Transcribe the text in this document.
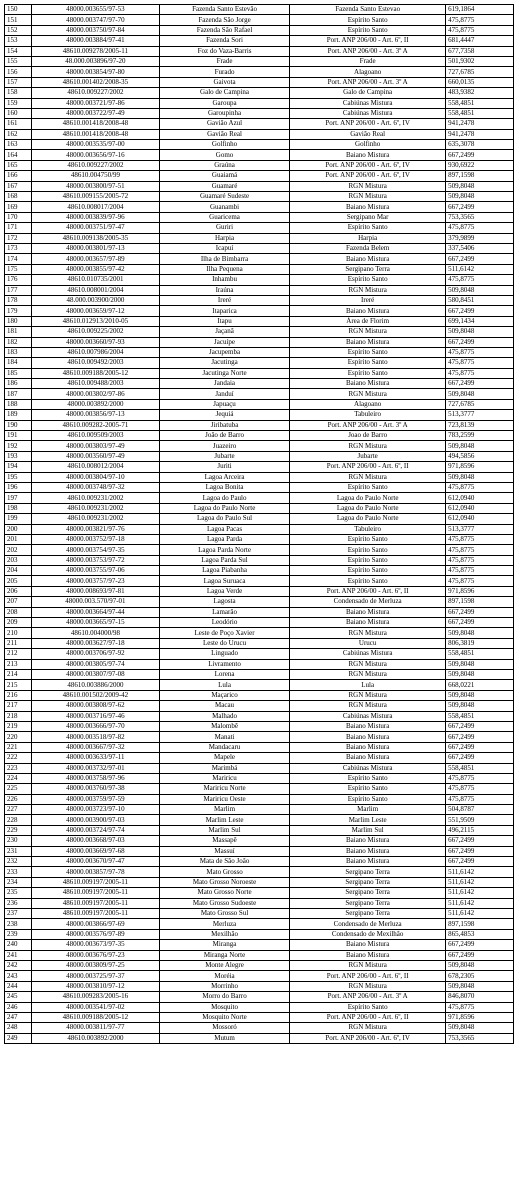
150	48000.003655/97-53	Fazenda Santo Estevão	Fazenda Santo Estevao	619,1864
151	48000.003747/97-70	Fazenda São Jorge	Espírito Santo	475,8775
152	48000.003750/97-84	Fazenda São Rafael	Espírito Santo	475,8775
153	48000.003884/97-41	Fazenda Sori	Port. ANP 206/00 - Art. 6º, II	681,4447
154	48610.009278/2005-11	Foz do Vaza-Barris	Port. ANP 206/00 - Art. 3º A	677,7358
155	48.000.003896/97-20	Frade	Frade	501,9302
156	48000.003854/97-80	Furado	Alagoano	727,6785
157	48610.001402/2008-35	Gaivota	Port. ANP 206/00 - Art. 3º A	660,0135
158	48610.009227/2002	Galo de Campina	Galo de Campina	483,9382
159	48000.003721/97-86	Garoupa	Cabiúnas Mistura	558,4851
160	48000.003722/97-49	Garoupinha	Cabiúnas Mistura	558,4851
161	48610.001418/2008-48	Gavião Azul	Port. ANP 206/00 - Art. 6º, IV	941,2478
162	48610.001418/2008-48	Gavião Real	Gavião Real	941,2478
163	48000.003535/97-00	Golfinho	Golfinho	635,3078
164	48000.003656/97-16	Gomo	Baiano Mistura	667,2499
165	48610.009227/2002	Graúna	Port. ANP 206/00 - Art. 6º, IV	930,6922
166	48610.004750/99	Guaiamá	Port. ANP 206/00 - Art. 6º, IV	897,1598
167	48000.003800/97-51	Guamaré	RGN Mistura	509,8048
168	48610.009155/2005-72	Guamaré Sudeste	RGN Mistura	509,8048
169	48610.008017/2004	Guanambi	Baiano Mistura	667,2499
170	48000.003839/97-96	Guaricema	Sergipano Mar	753,3565
171	48000.003751/97-47	Guriri	Espírito Santo	475,8775
172	48610.009138/2005-35	Harpia	Harpia	379,9899
173	48000.003801/97-13	Icapuí	Fazenda Belem	337,5406
174	48000.003657/97-89	Ilha de Bimbarra	Baiano Mistura	667,2499
175	48000.003855/97-42	Ilha Pequena	Sergipano Terra	511,6142
176	48610.010735/2001	Inhambu	Espírito Santo	475,8775
177	48610.008001/2004	Iraúna	RGN Mistura	509,8048
178	48.000.003900/2000	Ireré	Ireré	580,8451
179	48000.003659/97-12	Itaparica	Baiano Mistura	667,2499
180	48610.012913/2010-05	Itapu	Área de Florim	699,1434
181	48610.009225/2002	Jaçanã	RGN Mistura	509,8048
182	48000.003660/97-93	Jacuípe	Baiano Mistura	667,2499
183	48610.007986/2004	Jacupemba	Espírito Santo	475,8775
184	48610.009492/2003	Jacutinga	Espírito Santo	475,8775
185	48610.009188/2005-12	Jacutinga Norte	Espírito Santo	475,8775
186	48610.009488/2003	Jandaia	Baiano Mistura	667,2499
187	48000.003802/97-86	Janduí	RGN Mistura	509,8048
188	48000.003892/2000	Japuaçu	Alagoano	727,6785
189	48000.003856/97-13	Jequiá	Tabuleiro	513,3777
190	48610.009282-2005-71	Jiribatuba	Port. ANP 206/00 - Art. 3º A	723,8139
191	48610.009509/2003	João de Barro	Joao de Barro	783,2599
192	48000.003803/97-49	Juazeiro	RGN Mistura	509,8048
193	48000.003560/97-49	Jubarte	Jubarte	494,5856
194	48610.008012/2004	Juriti	Port. ANP 206/00 - Art. 6º, II	971,8596
195	48000.003804/97-10	Lagoa Arceira	RGN Mistura	509,8048
196	48000.003748/97-32	Lagoa Bonita	Espírito Santo	475,8775
197	48610.009231/2002	Lagoa do Paulo	Lagoa do Paulo Norte	612,0940
198	48610.009231/2002	Lagoa do Paulo Norte	Lagoa do Paulo Norte	612,0940
199	48610.009231/2002	Lagoa do Paulo Sul	Lagoa do Paulo Norte	612,0940
200	48000.003821/97-76	Lagoa Pacas	Tabuleiro	513,3777
201	48000.003752/97-18	Lagoa Parda	Espírito Santo	475,8775
202	48000.003754/97-35	Lagoa Parda Norte	Espírito Santo	475,8775
203	48000.003753/97-72	Lagoa Parda Sul	Espírito Santo	475,8775
204	48000.003755/97-06	Lagoa Piabanha	Espírito Santo	475,8775
205	48000.003757/97-23	Lagoa Suruaca	Espírito Santo	475,8775
206	48000.008693/97-81	Lagoa Verde	Port. ANP 206/00 - Art. 6º, II	971,8596
207	48000.003.570/97-01	Lagosta	Condensado de Merluza	897,1598
208	48000.003664/97-44	Lamarão	Baiano Mistura	667,2499
209	48000.003665/97-15	Leodório	Baiano Mistura	667,2499
210	48610.004000/98	Leste de Poço Xavier	RGN Mistura	509,8048
211	48000.003627/97-18	Leste do Urucu	Urucu	806,3819
212	48000.003706/97-92	Linguado	Cabiúnas Mistura	558,4851
213	48000.003805/97-74	Livramento	RGN Mistura	509,8048
214	48000.003807/97-08	Lorena	RGN Mistura	509,8048
215	48610.003886/2000	Lula	Lula	668,0221
216	48610.001502/2009-42	Maçarico	RGN Mistura	509,8048
217	48000.003808/97-62	Macau	RGN Mistura	509,8048
218	48000.003716/97-46	Malhado	Cabiúnas Mistura	558,4851
219	48000.003666/97-70	Malombê	Baiano Mistura	667,2499
220	48000.003518/97-82	Manati	Baiano Mistura	667,2499
221	48000.003667/97-32	Mandacaru	Baiano Mistura	667,2499
222	48000.003633/97-11	Mapele	Baiano Mistura	667,2499
223	48000.003732/97-01	Marimbá	Cabiúnas Mistura	558,4851
224	48000.003758/97-96	Mariricu	Espírito Santo	475,8775
225	48000.003760/97-38	Mariricu Norte	Espírito Santo	475,8775
226	48000.003759/97-59	Mariricu Oeste	Espírito Santo	475,8775
227	48000.003723/97-10	Marlim	Marlim	504,8787
228	48000.003900/97-03	Marlim Leste	Marlim Leste	551,9509
229	48000.003724/97-74	Marlim Sul	Marlim Sul	496,2115
230	48000.003668/97-03	Massapê	Baiano Mistura	667,2499
231	48000.003669/97-68	Massuí	Baiano Mistura	667,2499
232	48000.003670/97-47	Mata de São João	Baiano Mistura	667,2499
233	48000.003857/97-78	Mato Grosso	Sergipano Terra	511,6142
234	48610.009197/2005-11	Mato Grosso Noroeste	Sergipano Terra	511,6142
235	48610.009197/2005-11	Mato Grosso Norte	Sergipano Terra	511,6142
236	48610.009197/2005-11	Mato Grosso Sudoeste	Sergipano Terra	511,6142
237	48610.009197/2005-11	Mato Grosso Sul	Sergipano Terra	511,6142
238	48000.003866/97-69	Merluza	Condensado de Merluza	897,1598
239	48000.003576/97-89	Mexilhão	Condensado de Mexilhão	865,4853
240	48000.003673/97-35	Miranga	Baiano Mistura	667,2499
241	48000.003676/97-23	Miranga Norte	Baiano Mistura	667,2499
242	48000.003809/97-25	Monte Alegre	RGN Mistura	509,8048
243	48000.003725/97-37	Moréia	Port. ANP 206/00 - Art. 6º, II	678,2305
244	48000.003810/97-12	Morrinho	RGN Mistura	509,8048
245	48610.009283/2005-16	Morro do Barro	Port. ANP 206/00 - Art. 3º A	846,8070
246	48000.003541/97-02	Mosquito	Espírito Santo	475,8775
247	48610.009188/2005-12	Mosquito Norte	Port. ANP 206/00 - Art. 6º, II	971,8596
248	48000.003811/97-77	Mossoró	RGN Mistura	509,8048
249	48610.003892/2000	Mutum	Port. ANP 206/00 - Art. 6º, IV	753,3565
